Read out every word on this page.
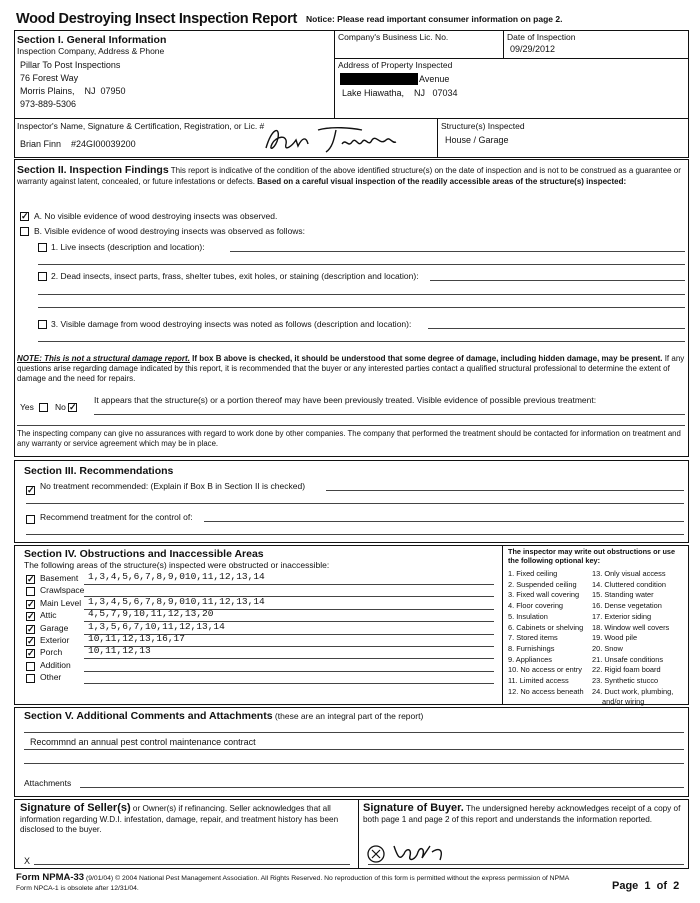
Wood Destroying Insect Inspection Report Notice: Please read important consumer information on page 2.
Section I. General Information
Inspection Company, Address & Phone
Pillar To Post Inspections
76 Forest Way
Morris Plains,    NJ  07950
973-889-5306
Company's Business Lic. No.	Date of Inspection
09/29/2012
Address of Property Inspected
Avenue
Lake Hiawatha,    NJ   07034
Inspector's Name, Signature & Certification, Registration, or Lic. #
Brian Finn    #24GI00039200
Structure(s) Inspected
House / Garage
Section II. Inspection Findings This report is indicative of the condition of the above identified structure(s) on the date of inspection and is not to be construed as a guarantee or warranty against latent, concealed, or future infestations or defects. Based on a careful visual inspection of the readily accessible areas of the structure(s) inspected:
✓ A. No visible evidence of wood destroying insects was observed.
B. Visible evidence of wood destroying insects was observed as follows:
1. Live insects (description and location):
2. Dead insects, insect parts, frass, shelter tubes, exit holes, or staining (description and location):
3. Visible damage from wood destroying insects was noted as follows (description and location):
NOTE: This is not a structural damage report. If box B above is checked, it should be understood that some degree of damage, including hidden damage, may be present. If any questions arise regarding damage indicated by this report, it is recommended that the buyer or any interested parties contact a qualified structural professional to determine the extent of damage and the need for repairs.
Yes No ✓
It appears that the structure(s) or a portion thereof may have been previously treated. Visible evidence of possible previous treatment:
The inspecting company can give no assurances with regard to work done by other companies. The company that performed the treatment should be contacted for information on treatment and any warranty or service agreement which may be in place.
Section III. Recommendations
✓ No treatment recommended: (Explain if Box B in Section II is checked)
Recommend treatment for the control of:
Section IV. Obstructions and Inaccessible Areas
The following areas of the structure(s) inspected were obstructed or inaccessible:
✓ Basement 1,3,4,5,6,7,8,9,010,11,12,13,14
Crawlspace
✓ Main Level 1,3,4,5,6,7,8,9,010,11,12,13,14
✓ Attic	4,5,7,9,10,11,12,13,20
✓ Garage 1,3,5,6,7,10,11,12,13,14
✓ Exterior 10,11,12,13,16,17
✓ Porch	10,11,12,13
Addition
Other
The inspector may write out obstructions or use the following optional key:
1. Fixed ceiling
2. Suspended ceiling
3. Fixed wall covering
4. Floor covering
5. Insulation
6. Cabinets or shelving
7. Stored items
8. Furnishings
9. Appliances
10. No access or entry
11. Limited access
12. No access beneath
13. Only visual access
14. Cluttered condition
15. Standing water
16. Dense vegetation
17. Exterior siding
18. Window well covers
19. Wood pile
20. Snow
21. Unsafe conditions
22. Rigid foam board
23. Synthetic stucco
24. Duct work, plumbing,
and/or wiring
Section V. Additional Comments and Attachments (these are an integral part of the report)
Recommnd an annual pest control maintenance contract
Attachments
Signature of Seller(s) or Owner(s) if refinancing. Seller acknowledges that all information regarding W.D.I. infestation, damage, repair, and treatment history has been disclosed to the buyer.
X
Signature of Buyer. The undersigned hereby acknowledges receipt of a copy of both page 1 and page 2 of this report and understands the information reported.
Form NPMA-33 (9/01/04) © 2004 National Pest Management Association. All Rights Reserved. No reproduction of this form is permitted without the express permission of NPMA
Form NPCA-1 is obsolete after 12/31/04.	Page  1  of  2
